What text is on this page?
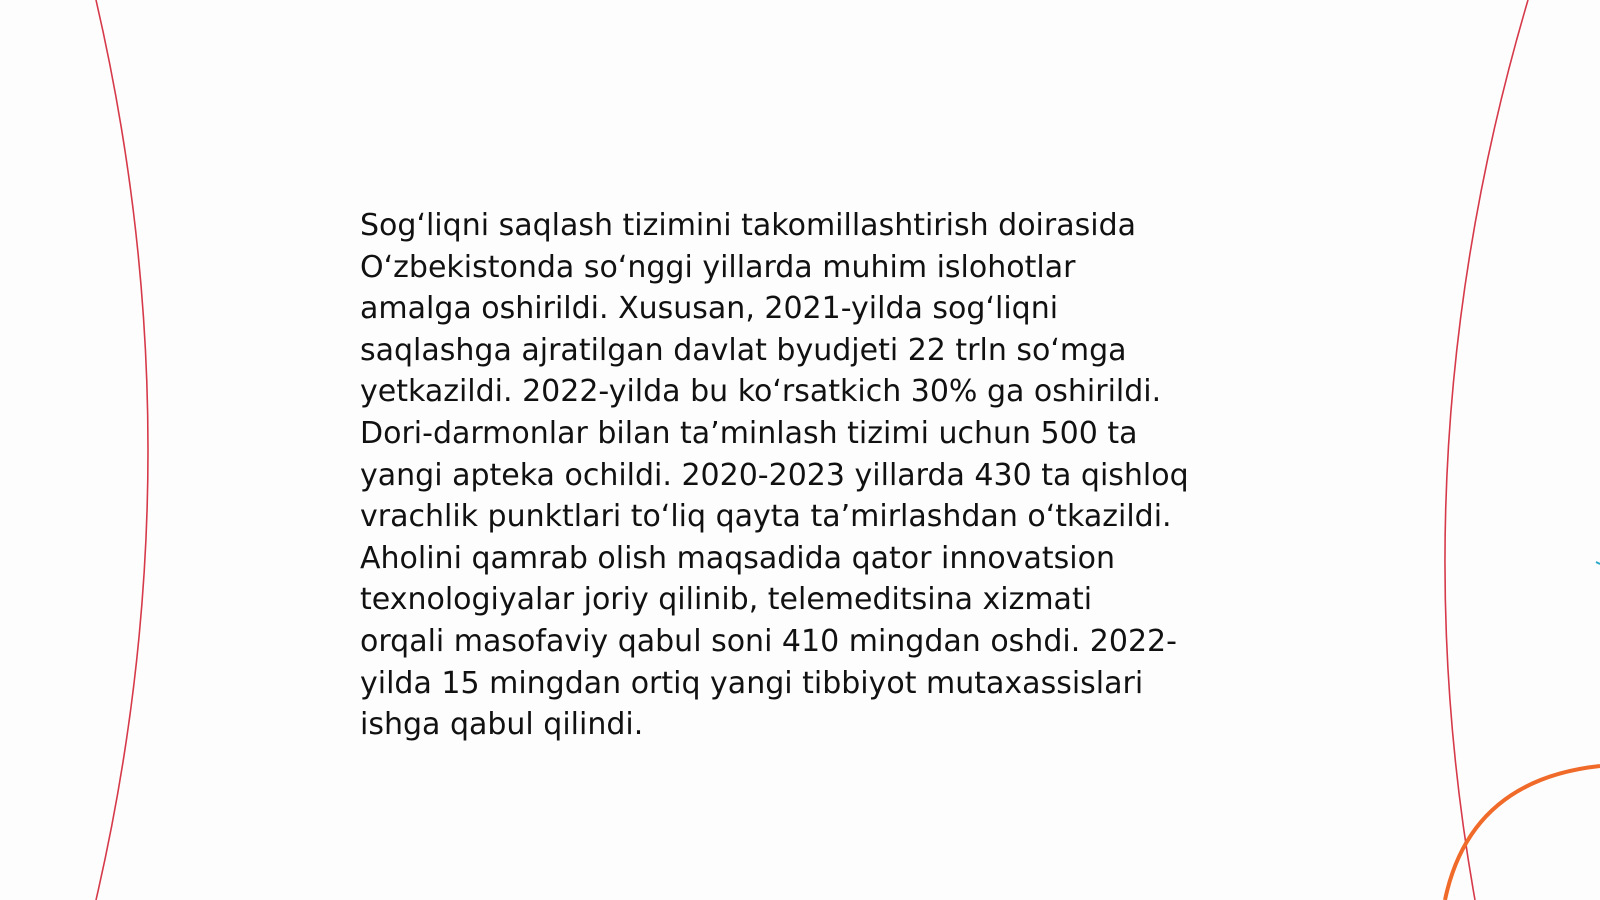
Sog‘liqni saqlash tizimini takomillashtirish doirasida
O‘zbekistonda so‘nggi yillarda muhim islohotlar
amalga oshirildi. Xususan, 2021-yilda sog‘liqni
saqlashga ajratilgan davlat byudjeti 22 trln so‘mga
yetkazildi. 2022-yilda bu ko‘rsatkich 30% ga oshirildi.
Dori-darmonlar bilan ta’minlash tizimi uchun 500 ta
yangi apteka ochildi. 2020-2023 yillarda 430 ta qishloq
vrachlik punktlari to‘liq qayta ta’mirlashdan o‘tkazildi.
Aholini qamrab olish maqsadida qator innovatsion
texnologiyalar joriy qilinib, telemeditsina xizmati
orqali masofaviy qabul soni 410 mingdan oshdi. 2022-
yilda 15 mingdan ortiq yangi tibbiyot mutaxassislari
ishga qabul qilindi.
